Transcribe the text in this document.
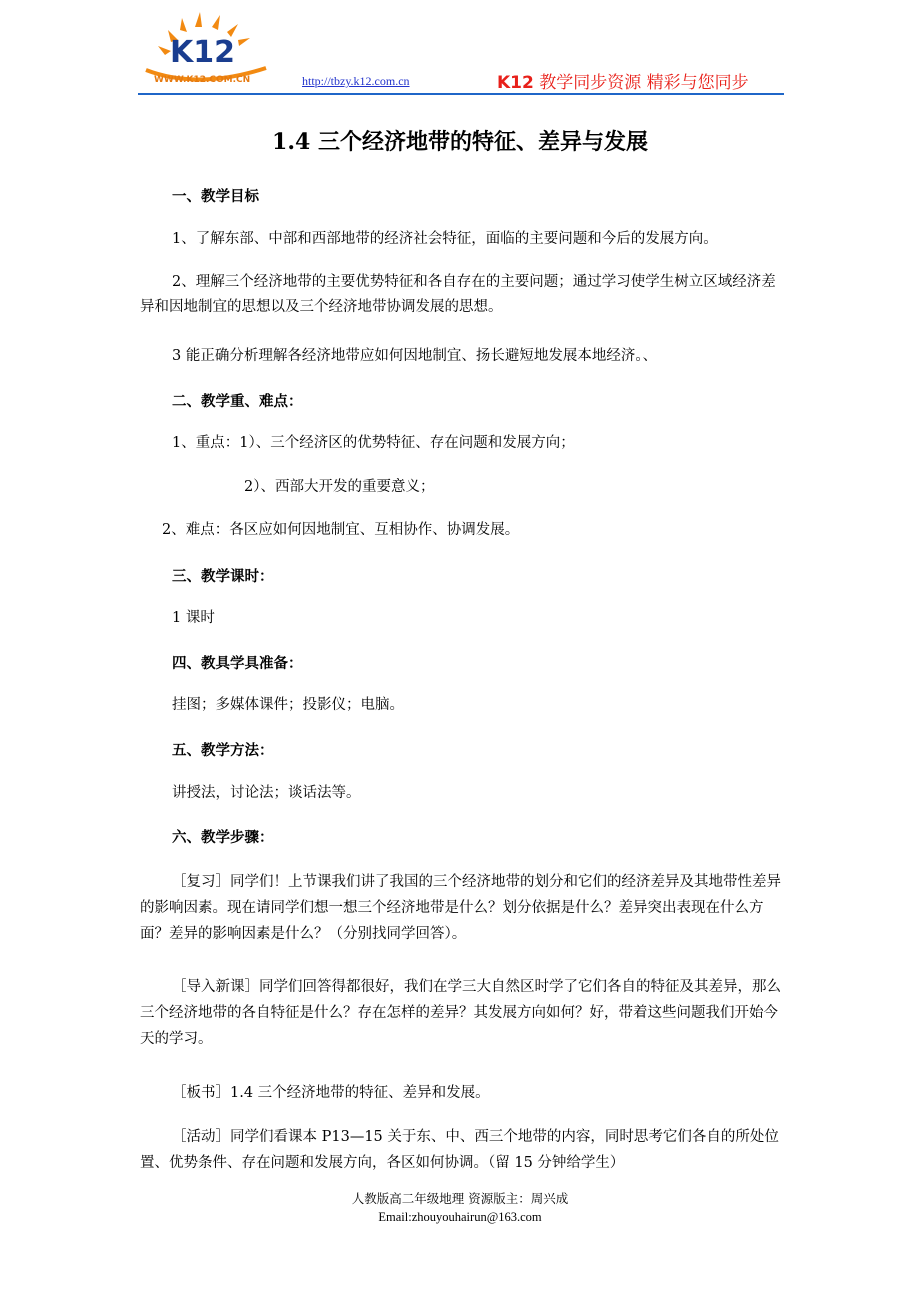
K12
WWW.K12.COM.CN	http://tbzy.k12.com.cn	K12 教学同步资源 精彩与您同步
1.4 三个经济地带的特征、差异与发展
一、教学目标
1、了解东部、中部和西部地带的经济社会特征，面临的主要问题和今后的发展方向。
2、理解三个经济地带的主要优势特征和各自存在的主要问题；通过学习使学生树立区域经济差异和因地制宜的思想以及三个经济地带协调发展的思想。
3 能正确分析理解各经济地带应如何因地制宜、扬长避短地发展本地经济。、
二、教学重、难点：
1、重点：1）、三个经济区的优势特征、存在问题和发展方向；
2）、西部大开发的重要意义；
2、难点：各区应如何因地制宜、互相协作、协调发展。
三、教学课时：
1 课时
四、教具学具准备：
挂图；多媒体课件；投影仪；电脑。
五、教学方法：
讲授法，讨论法；谈话法等。
六、教学步骤：
［复习］同学们！上节课我们讲了我国的三个经济地带的划分和它们的经济差异及其地带性差异的影响因素。现在请同学们想一想三个经济地带是什么？划分依据是什么？差异突出表现在什么方面？差异的影响因素是什么？（分别找同学回答）。
［导入新课］同学们回答得都很好，我们在学三大自然区时学了它们各自的特征及其差异，那么三个经济地带的各自特征是什么？存在怎样的差异？其发展方向如何？好，带着这些问题我们开始今天的学习。
［板书］1.4 三个经济地带的特征、差异和发展。
［活动］同学们看课本 P13—15 关于东、中、西三个地带的内容，同时思考它们各自的所处位置、优势条件、存在问题和发展方向，各区如何协调。（留 15 分钟给学生）
人教版高二年级地理 资源版主：周兴成
Email:zhouyouhairun@163.com
